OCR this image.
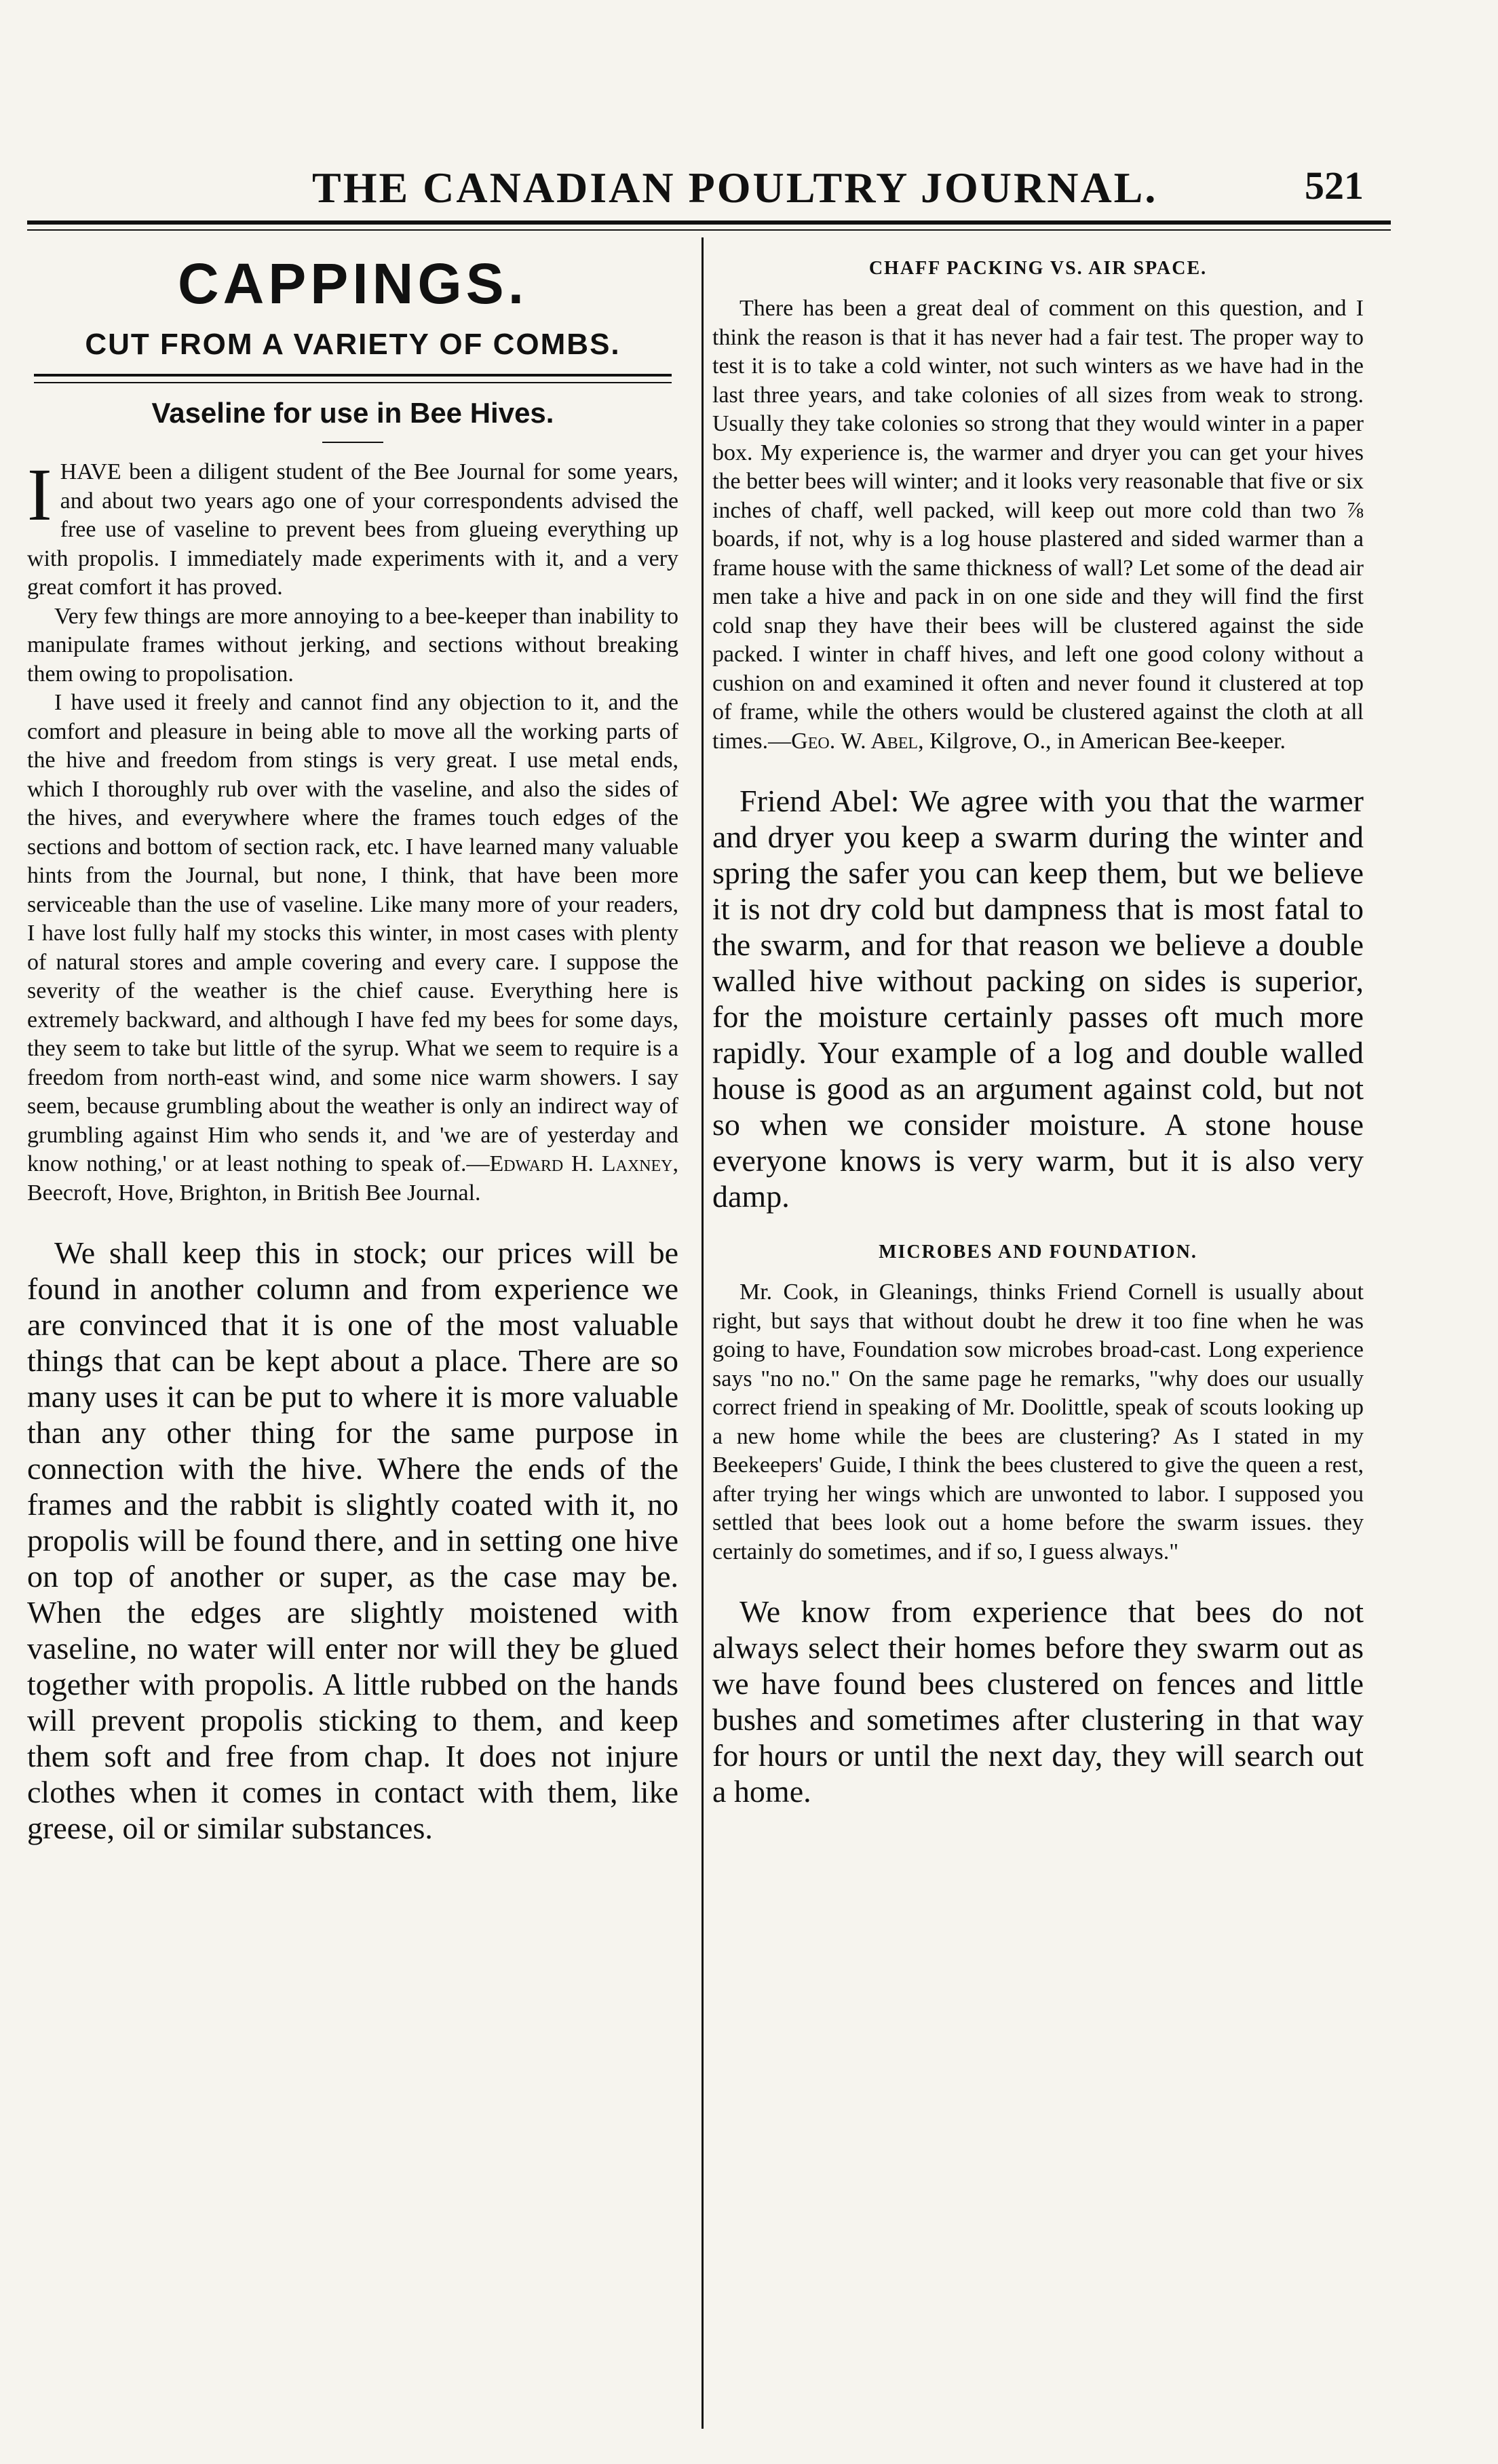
THE CANADIAN POULTRY JOURNAL.	521
CAPPINGS.
CUT FROM A VARIETY OF COMBS.
Vaseline for use in Bee Hives.

IHAVE been a diligent student of the Bee Journal for some years, and about two years ago one of your correspondents advised the free use of vaseline to prevent bees from glueing everything up with propolis. I immediately made experiments with it, and a very great comfort it has proved.

Very few things are more annoying to a bee-keeper than inability to manipulate frames without jerking, and sections without breaking them owing to propolisation.

I have used it freely and cannot find any objection to it, and the comfort and pleasure in being able to move all the working parts of the hive and freedom from stings is very great. I use metal ends, which I thoroughly rub over with the vaseline, and also the sides of the hives, and everywhere where the frames touch edges of the sections and bottom of section rack, etc. I have learned many valuable hints from the Journal, but none, I think, that have been more serviceable than the use of vaseline. Like many more of your readers, I have lost fully half my stocks this winter, in most cases with plenty of natural stores and ample covering and every care. I suppose the severity of the weather is the chief cause. Everything here is extremely backward, and although I have fed my bees for some days, they seem to take but little of the syrup. What we seem to require is a freedom from north-east wind, and some nice warm showers. I say seem, because grumbling about the weather is only an indirect way of grumbling against Him who sends it, and 'we are of yesterday and know nothing,' or at least nothing to speak of.—Edward H. Laxney, Beecroft, Hove, Brighton, in British Bee Journal.

We shall keep this in stock; our prices will be found in another column and from experience we are convinced that it is one of the most valuable things that can be kept about a place. There are so many uses it can be put to where it is more valuable than any other thing for the same purpose in connection with the hive. Where the ends of the frames and the rabbit is slightly coated with it, no propolis will be found there, and in setting one hive on top of another or super, as the case may be. When the edges are slightly moistened with vaseline, no water will enter nor will they be glued together with propolis. A little rubbed on the hands will prevent propolis sticking to them, and keep them soft and free from chap. It does not injure clothes when it comes in contact with them, like greese, oil or similar substances.

CHAFF PACKING VS. AIR SPACE.

There has been a great deal of comment on this question, and I think the reason is that it has never had a fair test. The proper way to test it is to take a cold winter, not such winters as we have had in the last three years, and take colonies of all sizes from weak to strong. Usually they take colonies so strong that they would winter in a paper box. My experience is, the warmer and dryer you can get your hives the better bees will winter; and it looks very reasonable that five or six inches of chaff, well packed, will keep out more cold than two ⅞ boards, if not, why is a log house plastered and sided warmer than a frame house with the same thickness of wall? Let some of the dead air men take a hive and pack in on one side and they will find the first cold snap they have their bees will be clustered against the side packed. I winter in chaff hives, and left one good colony without a cushion on and examined it often and never found it clustered at top of frame, while the others would be clustered against the cloth at all times.—Geo. W. Abel, Kilgrove, O., in American Bee-keeper.

Friend Abel: We agree with you that the warmer and dryer you keep a swarm during the winter and spring the safer you can keep them, but we believe it is not dry cold but dampness that is most fatal to the swarm, and for that reason we believe a double walled hive without packing on sides is superior, for the moisture certainly passes oft much more rapidly. Your example of a log and double walled house is good as an argument against cold, but not so when we consider moisture. A stone house everyone knows is very warm, but it is also very damp.

MICROBES AND FOUNDATION.

Mr. Cook, in Gleanings, thinks Friend Cornell is usually about right, but says that without doubt he drew it too fine when he was going to have, Foundation sow microbes broad-cast. Long experience says "no no." On the same page he remarks, "why does our usually correct friend in speaking of Mr. Doolittle, speak of scouts looking up a new home while the bees are clustering? As I stated in my Beekeepers' Guide, I think the bees clustered to give the queen a rest, after trying her wings which are unwonted to labor. I supposed you settled that bees look out a home before the swarm issues. they certainly do sometimes, and if so, I guess always."

We know from experience that bees do not always select their homes before they swarm out as we have found bees clustered on fences and little bushes and sometimes after clustering in that way for hours or until the next day, they will search out a home.
